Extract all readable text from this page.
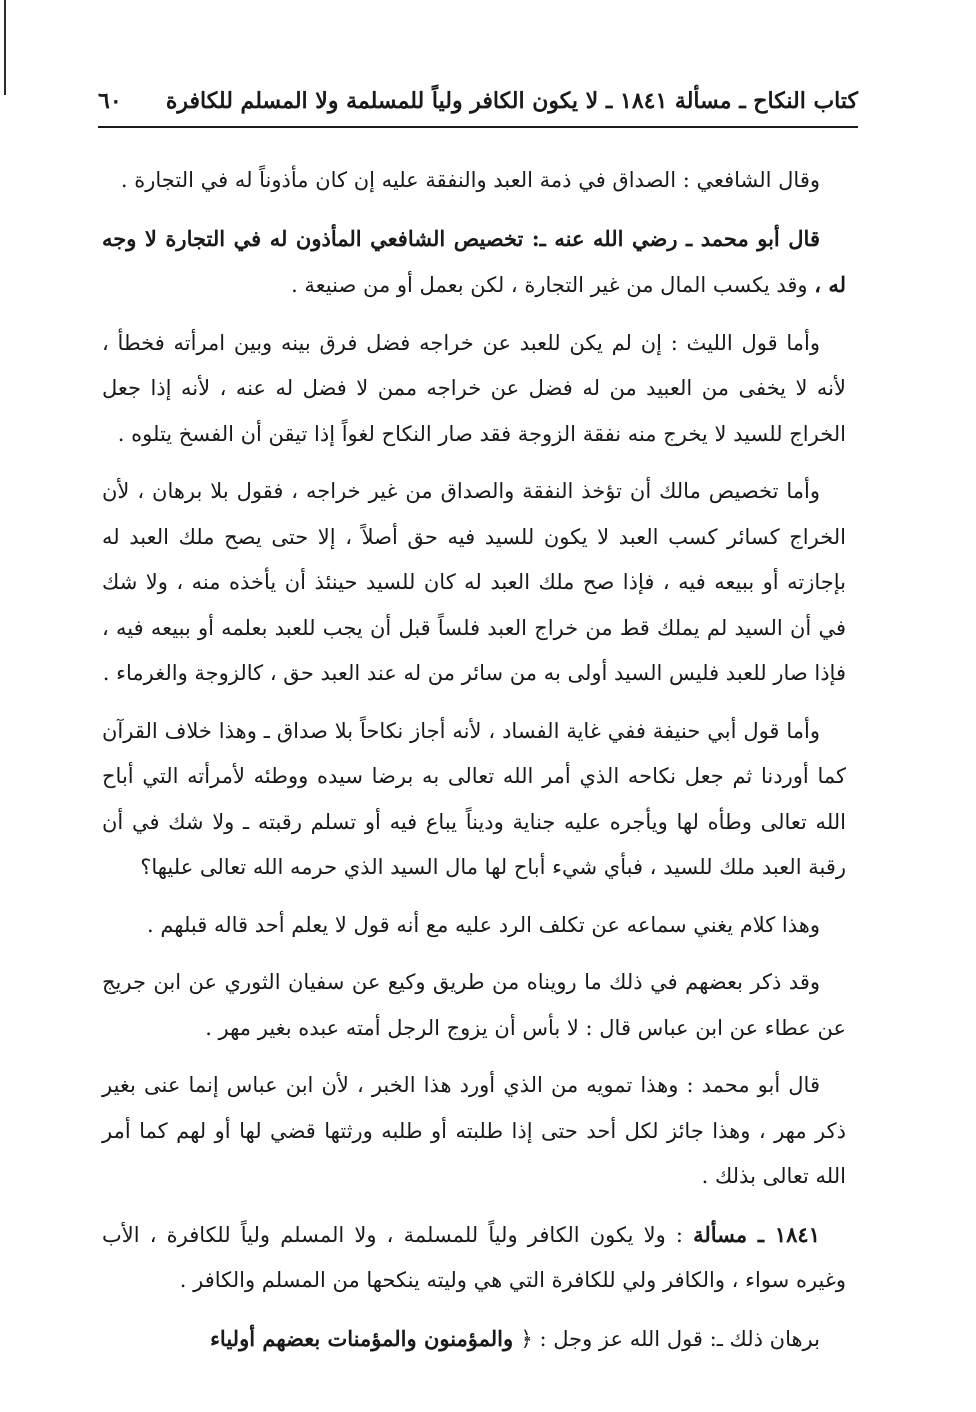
كتاب النكاح ـ مسألة ١٨٤١ ـ لا يكون الكافر ولياً للمسلمة ولا المسلم للكافرة
٦٠

وقال الشافعي : الصداق في ذمة العبد والنفقة عليه إن كان مأذوناً له في التجارة .

قال أبو محمد ـ رضي الله عنه ـ: تخصيص الشافعي المأذون له في التجارة لا وجه له ، وقد يكسب المال من غير التجارة ، لكن بعمل أو من صنيعة .

وأما قول الليث : إن لم يكن للعبد عن خراجه فضل فرق بينه وبين امرأته فخطأ ، لأنه لا يخفى من العبيد من له فضل عن خراجه ممن لا فضل له عنه ، لأنه إذا جعل الخراج للسيد لا يخرج منه نفقة الزوجة فقد صار النكاح لغواً إذا تيقن أن الفسخ يتلوه .

وأما تخصيص مالك أن تؤخذ النفقة والصداق من غير خراجه ، فقول بلا برهان ، لأن الخراج كسائر كسب العبد لا يكون للسيد فيه حق أصلاً ، إلا حتى يصح ملك العبد له بإجازته أو ببيعه فيه ، فإذا صح ملك العبد له كان للسيد حينئذ أن يأخذه منه ، ولا شك في أن السيد لم يملك قط من خراج العبد فلساً قبل أن يجب للعبد بعلمه أو ببيعه فيه ، فإذا صار للعبد فليس السيد أولى به من سائر من له عند العبد حق ، كالزوجة والغرماء .

وأما قول أبي حنيفة ففي غاية الفساد ، لأنه أجاز نكاحاً بلا صداق ـ وهذا خلاف القرآن كما أوردنا ثم جعل نكاحه الذي أمر الله تعالى به برضا سيده ووطئه لأمرأته التي أباح الله تعالى وطأه لها ويأجره عليه جناية وديناً يباع فيه أو تسلم رقبته ـ ولا شك في أن رقبة العبد ملك للسيد ، فبأي شيء أباح لها مال السيد الذي حرمه الله تعالى عليها؟

وهذا كلام يغني سماعه عن تكلف الرد عليه مع أنه قول لا يعلم أحد قاله قبلهم .

وقد ذكر بعضهم في ذلك ما رويناه من طريق وكيع عن سفيان الثوري عن ابن جريج عن عطاء عن ابن عباس قال : لا بأس أن يزوج الرجل أمته عبده بغير مهر .

قال أبو محمد : وهذا تمويه من الذي أورد هذا الخبر ، لأن ابن عباس إنما عنى بغير ذكر مهر ، وهذا جائز لكل أحد حتى إذا طلبته أو طلبه ورثتها قضي لها أو لهم كما أمر الله تعالى بذلك .

١٨٤١ ـ مسألة : ولا يكون الكافر ولياً للمسلمة ، ولا المسلم ولياً للكافرة ، الأب وغيره سواء ، والكافر ولي للكافرة التي هي وليته ينكحها من المسلم والكافر .

برهان ذلك ـ: قول الله عز وجل : ﴿ والمؤمنون والمؤمنات بعضهم أولياء
